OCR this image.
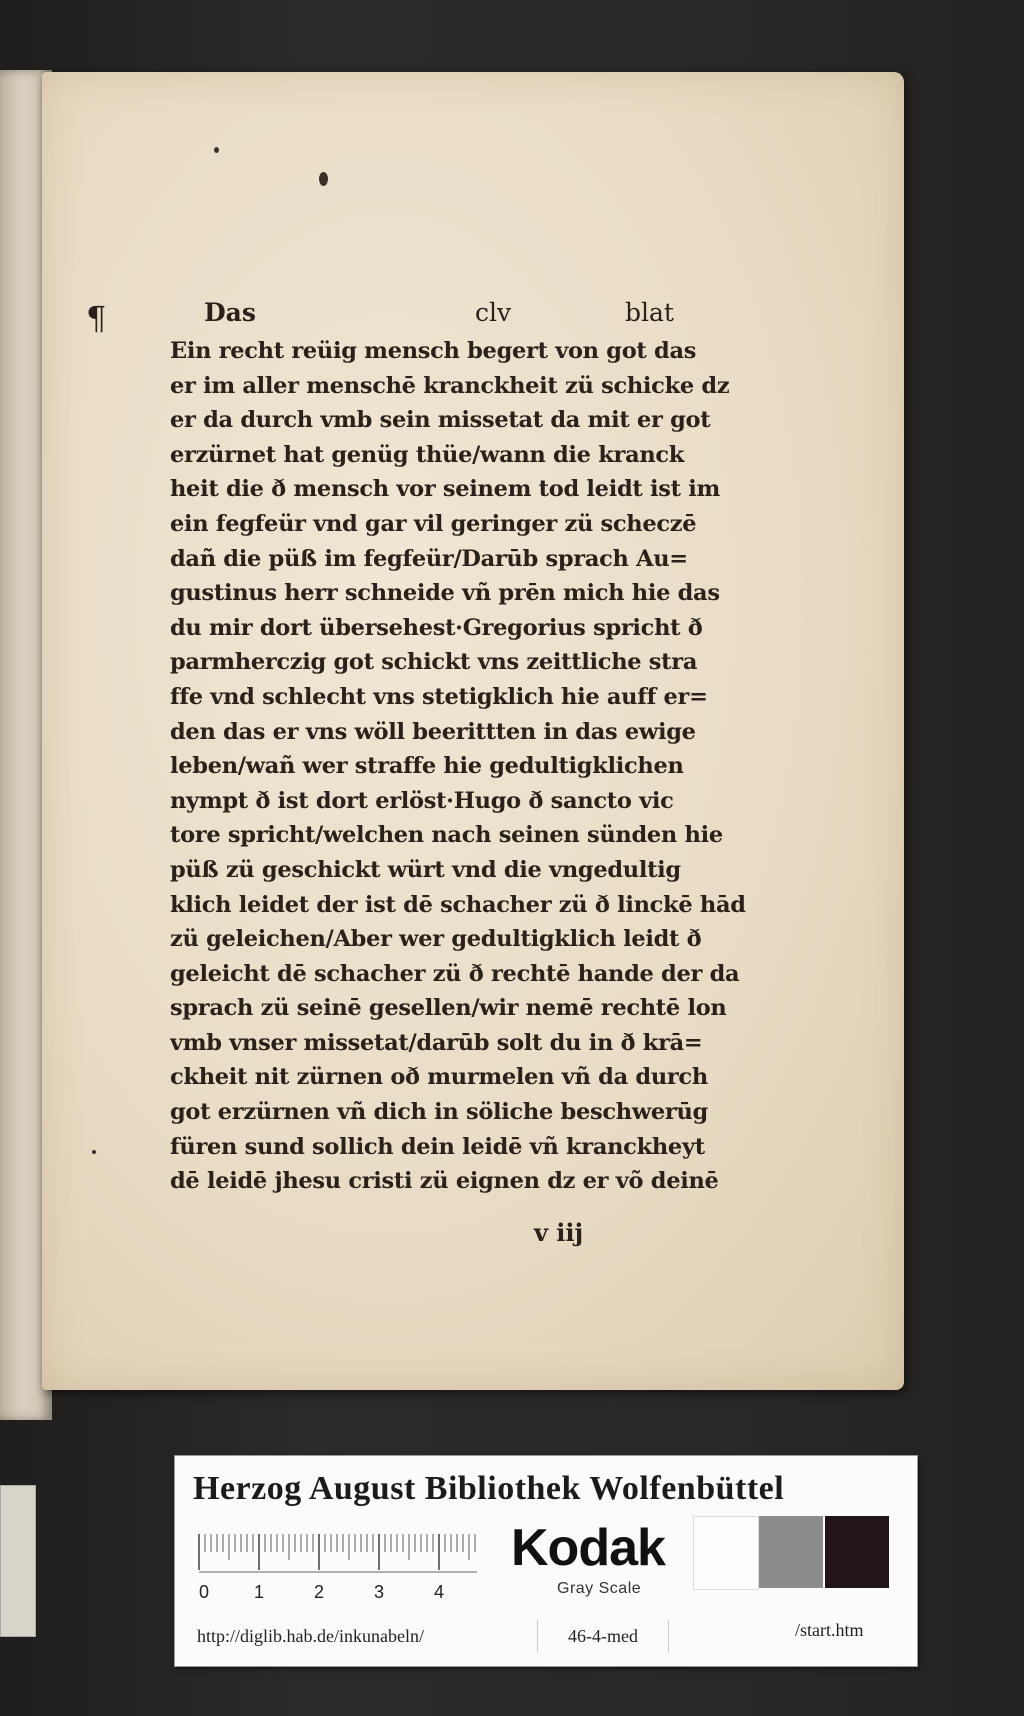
¶	Das	clv	blat
Ein recht reüig mensch begert von got das
er im aller menschē kranckheit zü schicke dz
er da durch vmb sein missetat da mit er got
erzürnet hat genüg thüe/wann die kranck
heit die ð mensch vor seinem tod leidt ist im
ein fegfeür vnd gar vil geringer zü scheczē
dañ die püß im fegfeür/Darūb sprach Au=
gustinus herr schneide vñ prēn mich hie das
du mir dort übersehest·Gregorius spricht ð
parmherczig got schickt vns zeittliche stra
ffe vnd schlecht vns stetigklich hie auff er=
den das er vns wöll beerittten in das ewige
leben/wañ wer straffe hie gedultigklichen
nympt ð ist dort erlöst·Hugo ð sancto vic
tore spricht/welchen nach seinen sünden hie
püß zü geschickt würt vnd die vngedultig
klich leidet der ist dē schacher zü ð linckē hād
zü geleichen/Aber wer gedultigklich leidt ð
geleicht dē schacher zü ð rechtē hande der da
sprach zü seinē gesellen/wir nemē rechtē lon
vmb vnser missetat/darūb solt du in ð krā=
ckheit nit zürnen oð murmelen vñ da durch
got erzürnen vñ dich in söliche beschwerūg
füren sund sollich dein leidē vñ kranckheyt
dē leidē jhesu cristi zü eignen dz er võ deinē
v iij
Herzog August Bibliothek Wolfenbüttel
0 1	2	3	4
Kodak
Gray Scale
http://diglib.hab.de/inkunabeln/	46-4-med	/start.htm
